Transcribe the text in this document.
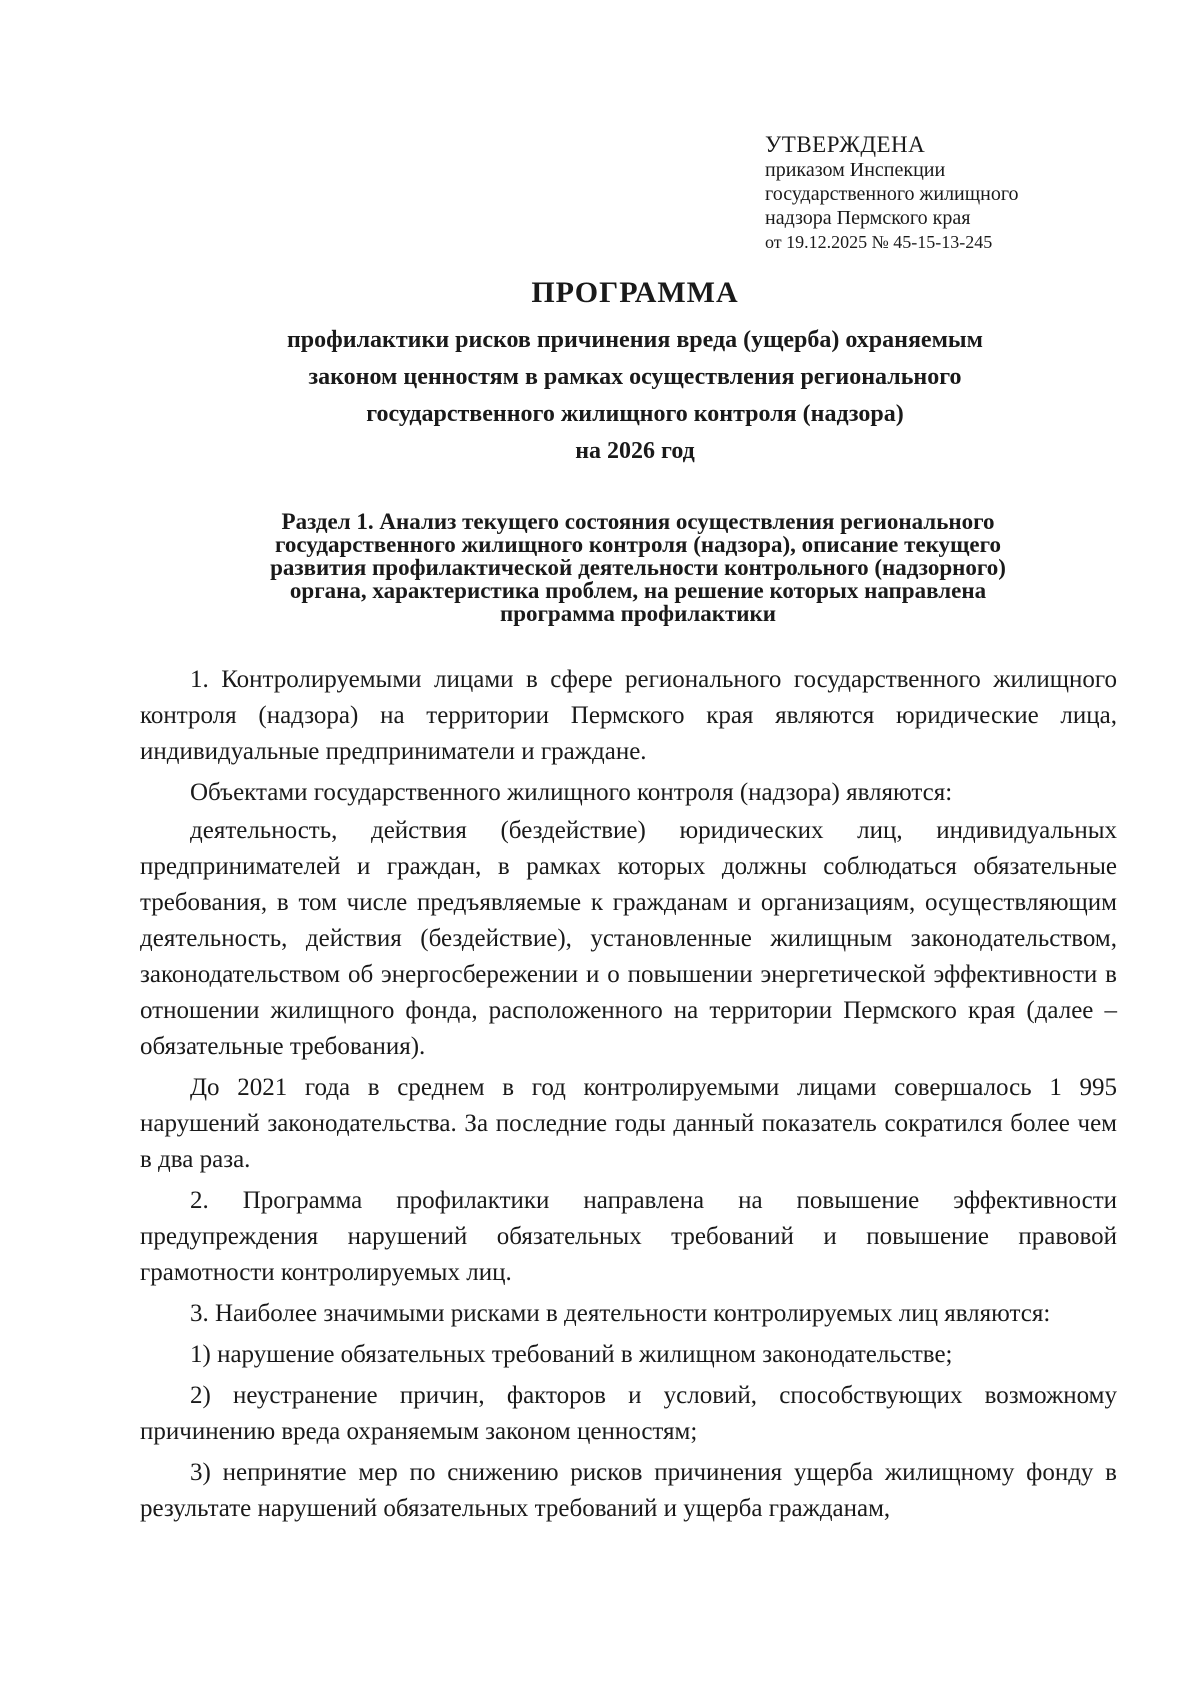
УТВЕРЖДЕНА
приказом Инспекции
государственного жилищного
надзора Пермского края
от 19.12.2025 № 45-15-13-245
ПРОГРАММА
профилактики рисков причинения вреда (ущерба) охраняемым
законом ценностям в рамках осуществления регионального
государственного жилищного контроля (надзора)
на 2026 год
Раздел 1. Анализ текущего состояния осуществления регионального
государственного жилищного контроля (надзора), описание текущего
развития профилактической деятельности контрольного (надзорного)
органа, характеристика проблем, на решение которых направлена
программа профилактики

1. Контролируемыми лицами в сфере регионального государственного жилищного контроля (надзора) на территории Пермского края являются юридические лица, индивидуальные предприниматели и граждане.

Объектами государственного жилищного контроля (надзора) являются:

деятельность, действия (бездействие) юридических лиц, индивидуальных предпринимателей и граждан, в рамках которых должны соблюдаться обязательные требования, в том числе предъявляемые к гражданам и организациям, осуществляющим деятельность, действия (бездействие), установленные жилищным законодательством, законодательством об энергосбережении и о повышении энергетической эффективности в отношении жилищного фонда, расположенного на территории Пермского края (далее – обязательные требования).

До 2021 года в среднем в год контролируемыми лицами совершалось 1 995 нарушений законодательства. За последние годы данный показатель сократился более чем в два раза.

2. Программа профилактики направлена на повышение эффективности предупреждения нарушений обязательных требований и повышение правовой грамотности контролируемых лиц.

3. Наиболее значимыми рисками в деятельности контролируемых лиц являются:

1) нарушение обязательных требований в жилищном законодательстве;

2) неустранение причин, факторов и условий, способствующих возможному причинению вреда охраняемым законом ценностям;

3) непринятие мер по снижению рисков причинения ущерба жилищному фонду в результате нарушений обязательных требований и ущерба гражданам,
